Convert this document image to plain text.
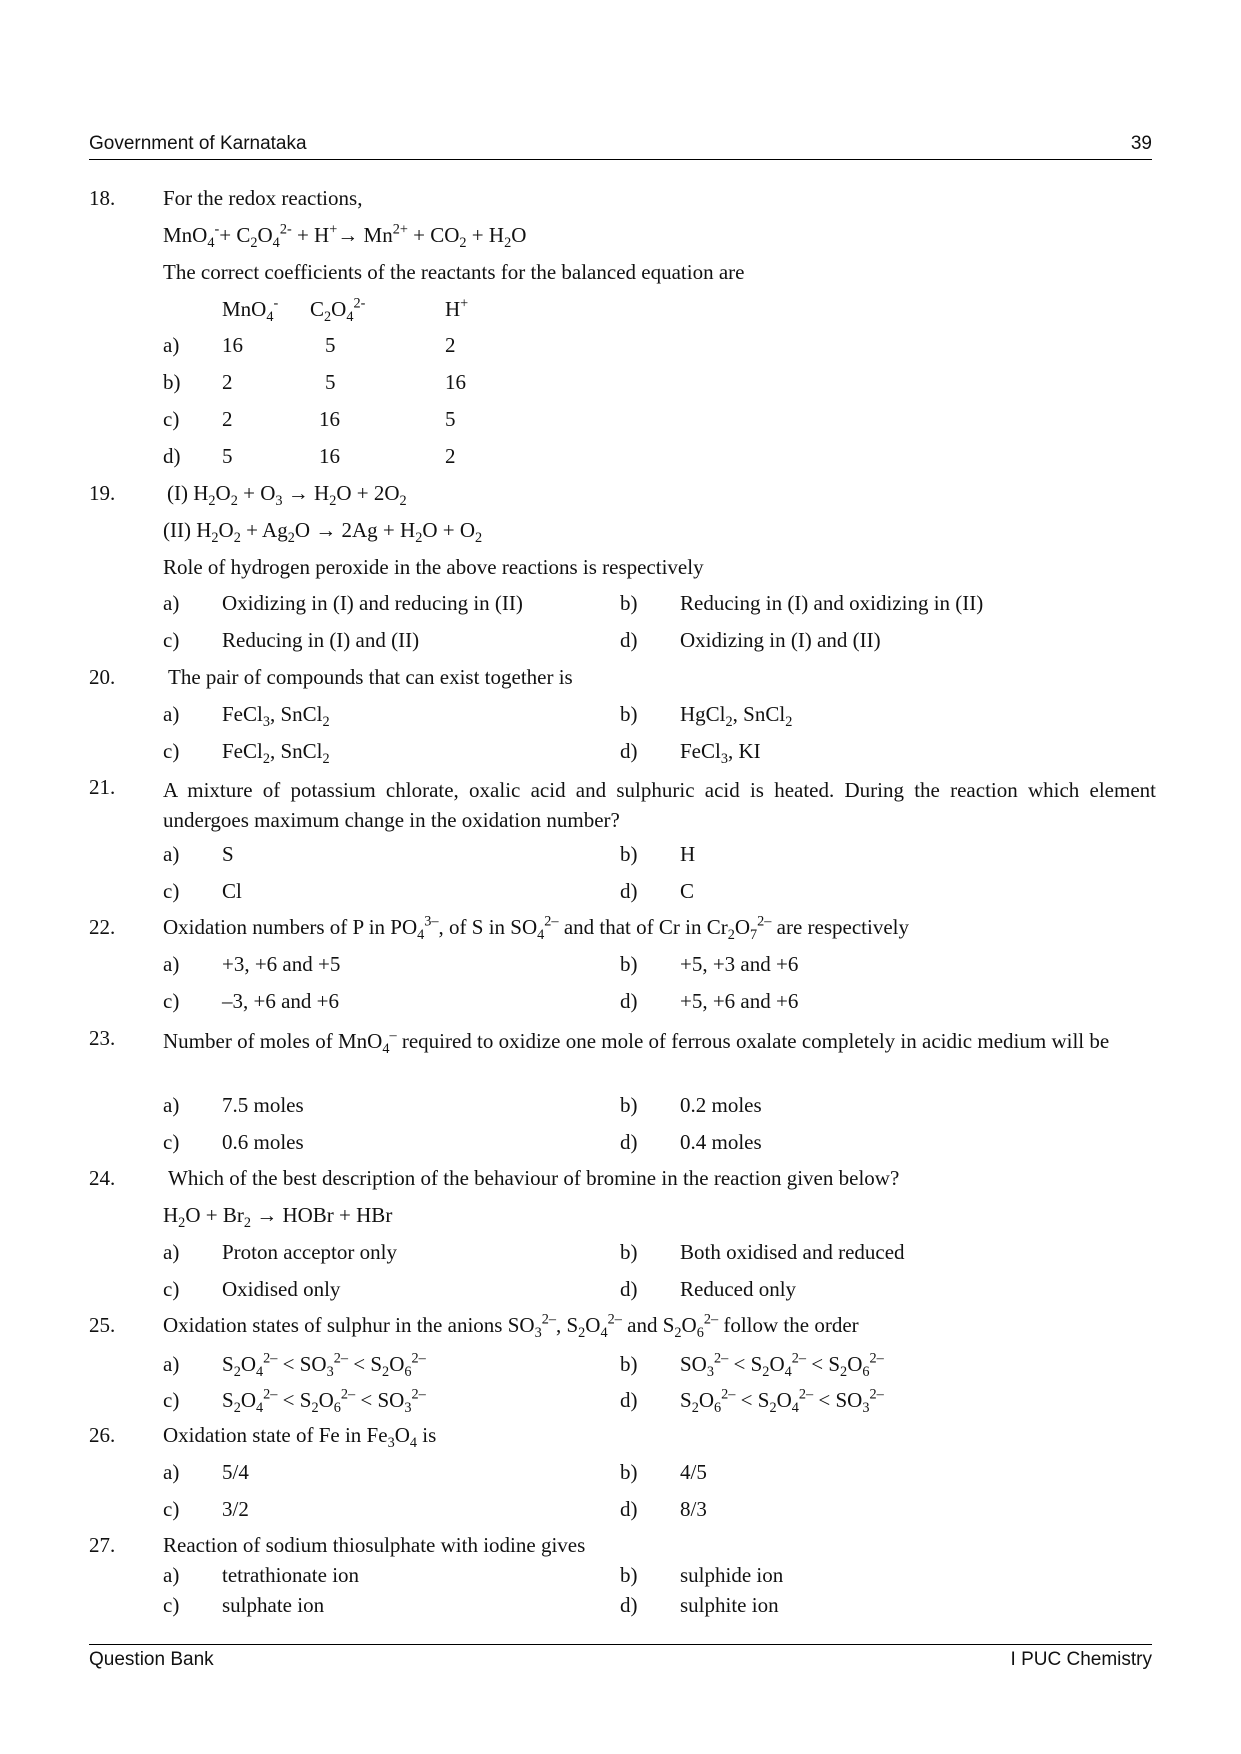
Government of Karnataka	39
18. For the redox reactions,
$MnO_4^-+ C_2O_4^{2-} + H^+\to Mn^{2+} + CO_2 + H_2O$
The correct coefficients of the reactants for the balanced equation are
MnO$_4$- $C_2O_4^{2-}$	H+
a) 16	5	2
b) 2	5	16
c) 2	16	5
d) 5	16	2
19. (I) $H_2O_2 + O_3 \to H_2O + 2O_2$
(II) $H_2O_2 + Ag_2O \to 2Ag + H_2O + O_2$
Role of hydrogen peroxide in the above reactions is respectively
a) Oxidizing in (I) and reducing in (II)	b) Reducing in (I) and oxidizing in (II)
c) Reducing in (I) and (II)	d) Oxidizing in (I) and (II)
20.	The pair of compounds that can exist together is
a) FeCl$_3$, SnCl$_2$	b) HgCl$_2$, SnCl$_2$
c) FeCl$_2$, SnCl$_2$	d) FeCl$_3$, KI
21. A mixture of potassium chlorate, oxalic acid and sulphuric acid is heated. During the reaction which element undergoes maximum change in the oxidation number?
a) S	b) H
c) Cl	d) C
22. Oxidation numbers of P in $PO_4^{3-}$, of S in $SO_4^{2-}$ and that of Cr in $Cr_2O_7^{2-}$ are respectively
a) +3, +6 and +5	b) +5, +3 and +6
c) –3, +6 and +6	d) +5, +6 and +6
23. Number of moles of MnO$_4$– required to oxidize one mole of ferrous oxalate completely in acidic medium will be
a) 7.5 moles	b) 0.2 moles
c) 0.6 moles	d) 0.4 moles
24.	Which of the best description of the behaviour of bromine in the reaction given below?
$H_2O + Br_2$ → HOBr + HBr
a) Proton acceptor only	b) Both oxidised and reduced
c) Oxidised only	d) Reduced only
25. Oxidation states of sulphur in the anions $SO_3^{2-}$, $S_2O_4^{2-}$ and $S_2O_6^{2-}$ follow the order
a) $S_2O_4^{2-} < SO_3^{2-} < S_2O_6^{2-}$	b) $SO_3^{2-} < S_2O_4^{2-} < S_2O_6^{2-}$
c) $S_2O_4^{2-} < S_2O_6^{2-} < SO_3^{2-}$	d) $S_2O_6^{2-} < S_2O_4^{2-} < SO_3^{2-}$
26. Oxidation state of Fe in $Fe_3O_4$ is
a) 5/4	b) 4/5
c) 3/2	d) 8/3
27. Reaction of sodium thiosulphate with iodine gives
a) tetrathionate ion	b) sulphide ion
c) sulphate ion	d) sulphite ion
Question Bank	I PUC Chemistry
